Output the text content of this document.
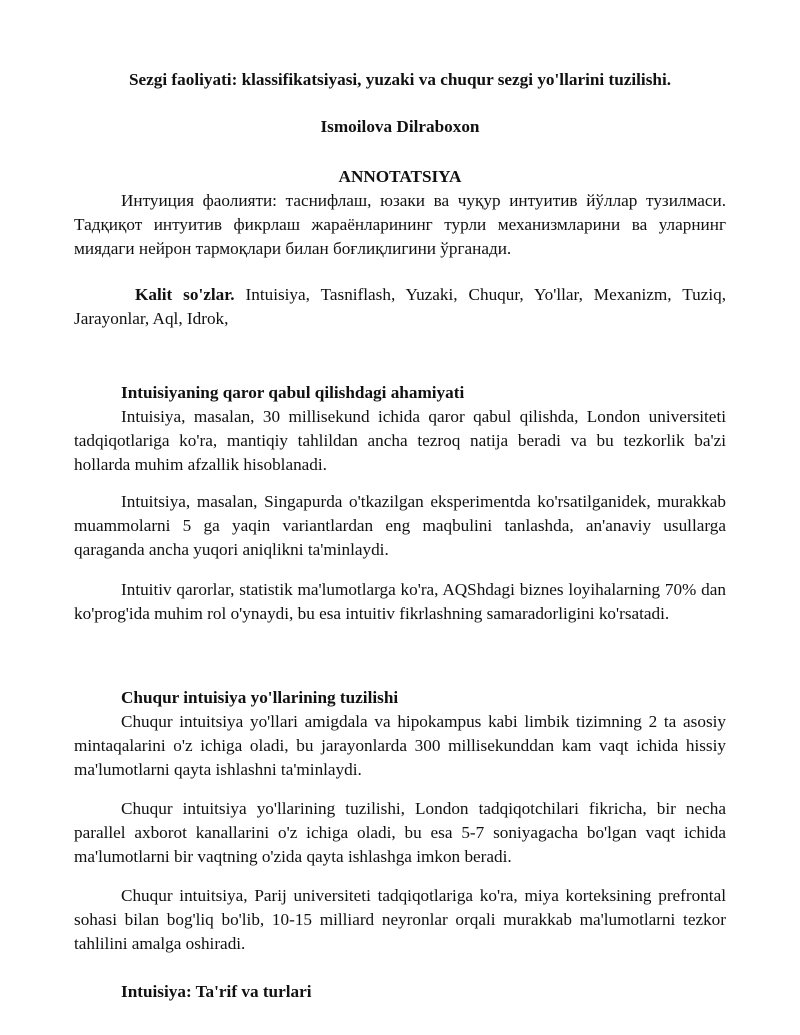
Sezgi faoliyati: klassifikatsiyasi, yuzaki va chuqur sezgi yo'llarini tuzilishi.

Ismoilova Dilraboxon

ANNOTATSIYA

Интуиция фаолияти: таснифлаш, юзаки ва чуқур интуитив йўллар тузилмаси. Тадқиқот интуитив фикрлаш жараёнларининг турли механизмларини ва уларнинг миядаги нейрон тармоқлари билан боғлиқлигини ўрганади.

Kalit so'zlar. Intuisiya, Tasniflash, Yuzaki, Chuqur, Yo'llar, Mexanizm, Tuziq, Jarayonlar, Aql, Idrok,

Intuisiyaning qaror qabul qilishdagi ahamiyati

Intuisiya, masalan, 30 millisekund ichida qaror qabul qilishda, London universiteti tadqiqotlariga ko'ra, mantiqiy tahlildan ancha tezroq natija beradi va bu tezkorlik ba'zi hollarda muhim afzallik hisoblanadi.

Intuitsiya, masalan, Singapurda o'tkazilgan eksperimentda ko'rsatilganidek, murakkab muammolarni 5 ga yaqin variantlardan eng maqbulini tanlashda, an'anaviy usullarga qaraganda ancha yuqori aniqlikni ta'minlaydi.

Intuitiv qarorlar, statistik ma'lumotlarga ko'ra, AQShdagi biznes loyihalarning 70% dan ko'prog'ida muhim rol o'ynaydi, bu esa intuitiv fikrlashning samaradorligini ko'rsatadi.

Chuqur intuisiya yo'llarining tuzilishi

Chuqur intuitsiya yo'llari amigdala va hipokampus kabi limbik tizimning 2 ta asosiy mintaqalarini o'z ichiga oladi, bu jarayonlarda 300 millisekunddan kam vaqt ichida hissiy ma'lumotlarni qayta ishlashni ta'minlaydi.

Chuqur intuitsiya yo'llarining tuzilishi, London tadqiqotchilari fikricha, bir necha parallel axborot kanallarini o'z ichiga oladi, bu esa 5-7 soniyagacha bo'lgan vaqt ichida ma'lumotlarni bir vaqtning o'zida qayta ishlashga imkon beradi.

Chuqur intuitsiya, Parij universiteti tadqiqotlariga ko'ra, miya korteksining prefrontal sohasi bilan bog'liq bo'lib, 10-15 milliard neyronlar orqali murakkab ma'lumotlarni tezkor tahlilini amalga oshiradi.

Intuisiya: Ta'rif va turlari
